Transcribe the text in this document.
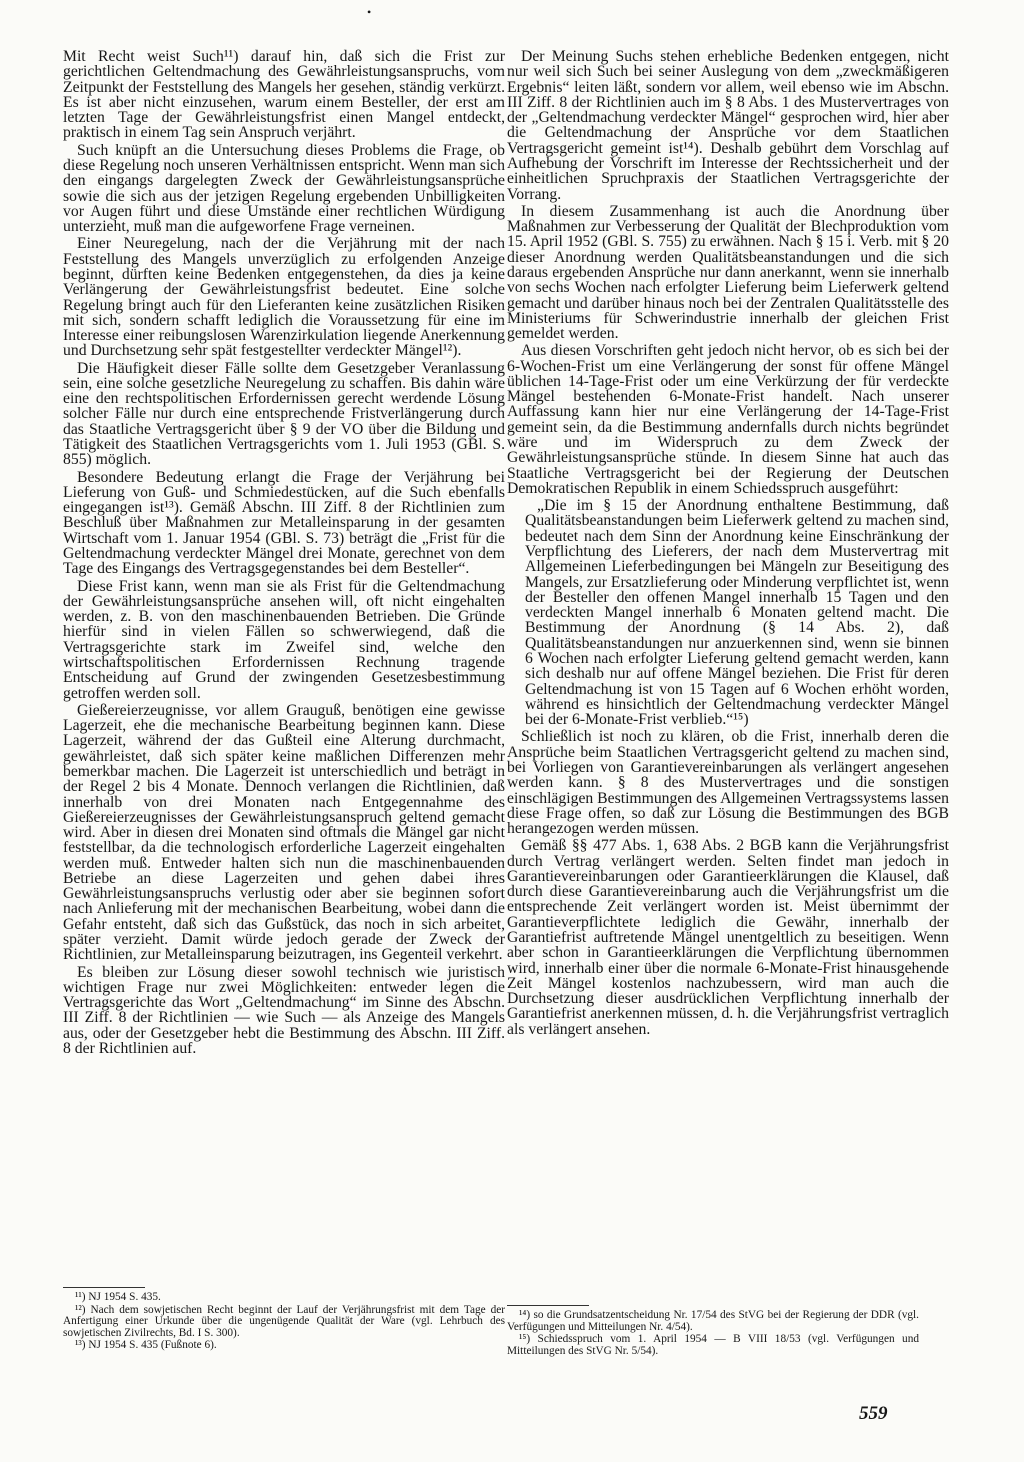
•

Mit Recht weist Such¹¹) darauf hin, daß sich die Frist zur gerichtlichen Geltendmachung des Gewährleistungsanspruchs, vom Zeitpunkt der Feststellung des Mangels her gesehen, ständig verkürzt. Es ist aber nicht einzusehen, warum einem Besteller, der erst am letzten Tage der Gewährleistungsfrist einen Mangel entdeckt, praktisch in einem Tag sein Anspruch verjährt.

Such knüpft an die Untersuchung dieses Problems die Frage, ob diese Regelung noch unseren Verhältnissen entspricht. Wenn man sich den eingangs dargelegten Zweck der Gewährleistungsansprüche sowie die sich aus der jetzigen Regelung ergebenden Unbilligkeiten vor Augen führt und diese Umstände einer rechtlichen Würdigung unterzieht, muß man die aufgeworfene Frage verneinen.

Einer Neuregelung, nach der die Verjährung mit der nach Feststellung des Mangels unverzüglich zu erfolgenden Anzeige beginnt, dürften keine Bedenken entgegenstehen, da dies ja keine Verlängerung der Gewährleistungsfrist bedeutet. Eine solche Regelung bringt auch für den Lieferanten keine zusätzlichen Risiken mit sich, sondern schafft lediglich die Voraussetzung für eine im Interesse einer reibungslosen Warenzirkulation liegende Anerkennung und Durchsetzung sehr spät festgestellter verdeckter Mängel¹²).

Die Häufigkeit dieser Fälle sollte dem Gesetzgeber Veranlassung sein, eine solche gesetzliche Neuregelung zu schaffen. Bis dahin wäre eine den rechtspolitischen Erfordernissen gerecht werdende Lösung solcher Fälle nur durch eine entsprechende Fristverlängerung durch das Staatliche Vertragsgericht über § 9 der VO über die Bildung und Tätigkeit des Staatlichen Vertragsgerichts vom 1. Juli 1953 (GBl. S. 855) möglich.

Besondere Bedeutung erlangt die Frage der Verjährung bei Lieferung von Guß- und Schmiedestücken, auf die Such ebenfalls eingegangen ist¹³). Gemäß Abschn. III Ziff. 8 der Richtlinien zum Beschluß über Maßnahmen zur Metalleinsparung in der gesamten Wirtschaft vom 1. Januar 1954 (GBl. S. 73) beträgt die „Frist für die Geltendmachung verdeckter Mängel drei Monate, gerechnet von dem Tage des Eingangs des Vertragsgegenstandes bei dem Besteller“.

Diese Frist kann, wenn man sie als Frist für die Geltendmachung der Gewährleistungsansprüche ansehen will, oft nicht eingehalten werden, z. B. von den maschinenbauenden Betrieben. Die Gründe hierfür sind in vielen Fällen so schwerwiegend, daß die Vertragsgerichte stark im Zweifel sind, welche den wirtschaftspolitischen Erfordernissen Rechnung tragende Entscheidung auf Grund der zwingenden Gesetzesbestimmung getroffen werden soll.

Gießereierzeugnisse, vor allem Grauguß, benötigen eine gewisse Lagerzeit, ehe die mechanische Bearbeitung beginnen kann. Diese Lagerzeit, während der das Gußteil eine Alterung durchmacht, gewährleistet, daß sich später keine maßlichen Differenzen mehr bemerkbar machen. Die Lagerzeit ist unterschiedlich und beträgt in der Regel 2 bis 4 Monate. Dennoch verlangen die Richtlinien, daß innerhalb von drei Monaten nach Entgegennahme des Gießereierzeugnisses der Gewährleistungsanspruch geltend gemacht wird. Aber in diesen drei Monaten sind oftmals die Mängel gar nicht feststellbar, da die technologisch erforderliche Lagerzeit eingehalten werden muß. Entweder halten sich nun die maschinenbauenden Betriebe an diese Lagerzeiten und gehen dabei ihres Gewährleistungsanspruchs verlustig oder aber sie beginnen sofort nach Anlieferung mit der mechanischen Bearbeitung, wobei dann die Gefahr entsteht, daß sich das Gußstück, das noch in sich arbeitet, später verzieht. Damit würde jedoch gerade der Zweck der Richtlinien, zur Metalleinsparung beizutragen, ins Gegenteil verkehrt.

Es bleiben zur Lösung dieser sowohl technisch wie juristisch wichtigen Frage nur zwei Möglichkeiten: entweder legen die Vertragsgerichte das Wort „Geltendmachung“ im Sinne des Abschn. III Ziff. 8 der Richtlinien — wie Such — als Anzeige des Mangels aus, oder der Gesetzgeber hebt die Bestimmung des Abschn. III Ziff. 8 der Richtlinien auf.

Der Meinung Suchs stehen erhebliche Bedenken entgegen, nicht nur weil sich Such bei seiner Auslegung von dem „zweckmäßigeren Ergebnis“ leiten läßt, sondern vor allem, weil ebenso wie im Abschn. III Ziff. 8 der Richtlinien auch im § 8 Abs. 1 des Mustervertrages von der „Geltendmachung verdeckter Mängel“ gesprochen wird, hier aber die Geltendmachung der Ansprüche vor dem Staatlichen Vertragsgericht gemeint ist¹⁴). Deshalb gebührt dem Vorschlag auf Aufhebung der Vorschrift im Interesse der Rechtssicherheit und der einheitlichen Spruchpraxis der Staatlichen Vertragsgerichte der Vorrang.

In diesem Zusammenhang ist auch die Anordnung über Maßnahmen zur Verbesserung der Qualität der Blechproduktion vom 15. April 1952 (GBl. S. 755) zu erwähnen. Nach § 15 i. Verb. mit § 20 dieser Anordnung werden Qualitätsbeanstandungen und die sich daraus ergebenden Ansprüche nur dann anerkannt, wenn sie innerhalb von sechs Wochen nach erfolgter Lieferung beim Lieferwerk geltend gemacht und darüber hinaus noch bei der Zentralen Qualitätsstelle des Ministeriums für Schwerindustrie innerhalb der gleichen Frist gemeldet werden.

Aus diesen Vorschriften geht jedoch nicht hervor, ob es sich bei der 6-Wochen-Frist um eine Verlängerung der sonst für offene Mängel üblichen 14-Tage-Frist oder um eine Verkürzung der für verdeckte Mängel bestehenden 6-Monate-Frist handelt. Nach unserer Auffassung kann hier nur eine Verlängerung der 14-Tage-Frist gemeint sein, da die Bestimmung andernfalls durch nichts begründet wäre und im Widerspruch zu dem Zweck der Gewährleistungsansprüche stünde. In diesem Sinne hat auch das Staatliche Vertragsgericht bei der Regierung der Deutschen Demokratischen Republik in einem Schiedsspruch ausgeführt:

„Die im § 15 der Anordnung enthaltene Bestimmung, daß Qualitätsbeanstandungen beim Lieferwerk geltend zu machen sind, bedeutet nach dem Sinn der Anordnung keine Einschränkung der Verpflichtung des Lieferers, der nach dem Mustervertrag mit Allgemeinen Lieferbedingungen bei Mängeln zur Beseitigung des Mangels, zur Ersatzlieferung oder Minderung verpflichtet ist, wenn der Besteller den offenen Mangel innerhalb 15 Tagen und den verdeckten Mangel innerhalb 6 Monaten geltend macht. Die Bestimmung der Anordnung (§ 14 Abs. 2), daß Qualitätsbeanstandungen nur anzuerkennen sind, wenn sie binnen 6 Wochen nach erfolgter Lieferung geltend gemacht werden, kann sich deshalb nur auf offene Mängel beziehen. Die Frist für deren Geltendmachung ist von 15 Tagen auf 6 Wochen erhöht worden, während es hinsichtlich der Geltendmachung verdeckter Mängel bei der 6-Monate-Frist verblieb.“¹⁵)

Schließlich ist noch zu klären, ob die Frist, innerhalb deren die Ansprüche beim Staatlichen Vertragsgericht geltend zu machen sind, bei Vorliegen von Garantievereinbarungen als verlängert angesehen werden kann. § 8 des Mustervertrages und die sonstigen einschlägigen Bestimmungen des Allgemeinen Vertragssystems lassen diese Frage offen, so daß zur Lösung die Bestimmungen des BGB herangezogen werden müssen.

Gemäß §§ 477 Abs. 1, 638 Abs. 2 BGB kann die Verjährungsfrist durch Vertrag verlängert werden. Selten findet man jedoch in Garantievereinbarungen oder Garantieerklärungen die Klausel, daß durch diese Garantievereinbarung auch die Verjährungsfrist um die entsprechende Zeit verlängert worden ist. Meist übernimmt der Garantieverpflichtete lediglich die Gewähr, innerhalb der Garantiefrist auftretende Mängel unentgeltlich zu beseitigen. Wenn aber schon in Garantieerklärungen die Verpflichtung übernommen wird, innerhalb einer über die normale 6-Monate-Frist hinausgehende Zeit Mängel kostenlos nachzubessern, wird man auch die Durchsetzung dieser ausdrücklichen Verpflichtung innerhalb der Garantiefrist anerkennen müssen, d. h. die Verjährungsfrist vertraglich als verlängert ansehen.

¹¹) NJ 1954 S. 435.

¹²) Nach dem sowjetischen Recht beginnt der Lauf der Verjährungsfrist mit dem Tage der Anfertigung einer Urkunde über die ungenügende Qualität der Ware (vgl. Lehrbuch des sowjetischen Zivilrechts, Bd. I S. 300).

¹³) NJ 1954 S. 435 (Fußnote 6).

¹⁴) so die Grundsatzentscheidung Nr. 17/54 des StVG bei der Regierung der DDR (vgl. Verfügungen und Mitteilungen Nr. 4/54).

¹⁵) Schiedsspruch vom 1. April 1954 — B VIII 18/53 (vgl. Verfügungen und Mitteilungen des StVG Nr. 5/54).

559
